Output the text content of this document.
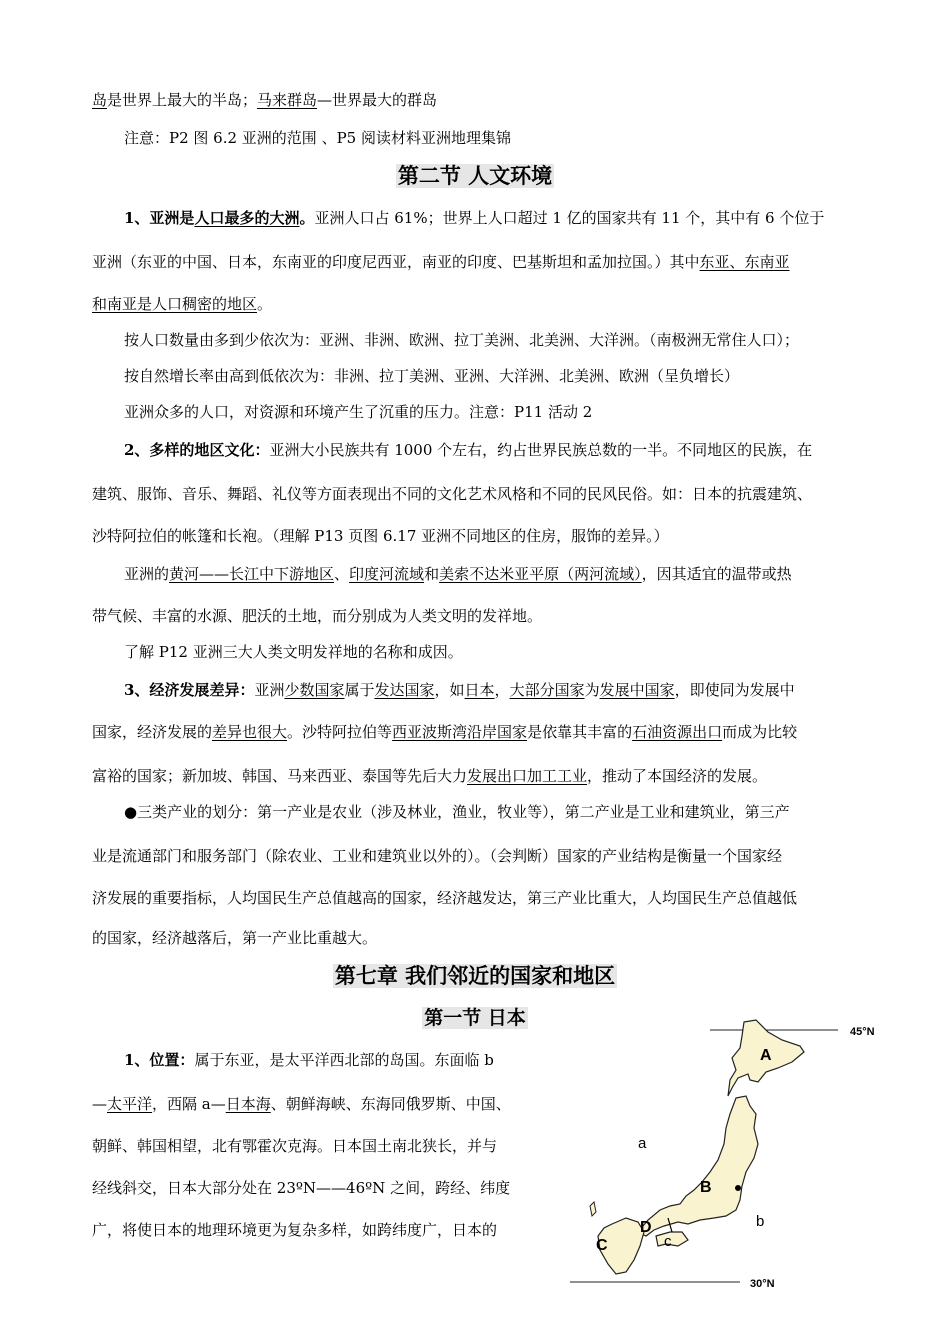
岛是世界上最大的半岛；马来群岛—世界最大的群岛
注意：P2 图 6.2 亚洲的范围 、P5 阅读材料亚洲地理集锦
第二节 人文环境
1、亚洲是人口最多的大洲。亚洲人口占 61%；世界上人口超过 1 亿的国家共有 11 个，其中有 6 个位于
亚洲（东亚的中国、日本，东南亚的印度尼西亚，南亚的印度、巴基斯坦和孟加拉国。）其中东亚、东南亚
和南亚是人口稠密的地区。
按人口数量由多到少依次为：亚洲、非洲、欧洲、拉丁美洲、北美洲、大洋洲。（南极洲无常住人口）；
按自然增长率由高到低依次为：非洲、拉丁美洲、亚洲、大洋洲、北美洲、欧洲（呈负增长）
亚洲众多的人口，对资源和环境产生了沉重的压力。注意：P11 活动 2
2、多样的地区文化：亚洲大小民族共有 1000 个左右，约占世界民族总数的一半。不同地区的民族，在
建筑、服饰、音乐、舞蹈、礼仪等方面表现出不同的文化艺术风格和不同的民风民俗。如：日本的抗震建筑、
沙特阿拉伯的帐篷和长袍。（理解 P13 页图 6.17 亚洲不同地区的住房，服饰的差异。）
亚洲的黄河——长江中下游地区、印度河流域和美索不达米亚平原（两河流域），因其适宜的温带或热
带气候、丰富的水源、肥沃的土地，而分别成为人类文明的发祥地。
了解 P12 亚洲三大人类文明发祥地的名称和成因。
3、经济发展差异：亚洲少数国家属于发达国家，如日本，大部分国家为发展中国家，即使同为发展中
国家，经济发展的差异也很大。沙特阿拉伯等西亚波斯湾沿岸国家是依靠其丰富的石油资源出口而成为比较
富裕的国家；新加坡、韩国、马来西亚、泰国等先后大力发展出口加工工业，推动了本国经济的发展。
●三类产业的划分：第一产业是农业（涉及林业，渔业，牧业等），第二产业是工业和建筑业，第三产
业是流通部门和服务部门（除农业、工业和建筑业以外的）。（会判断）国家的产业结构是衡量一个国家经
济发展的重要指标，人均国民生产总值越高的国家，经济越发达，第三产业比重大，人均国民生产总值越低
的国家，经济越落后，第一产业比重越大。
第七章 我们邻近的国家和地区
第一节 日本
1、位置：属于东亚，是太平洋西北部的岛国。东面临 b
—太平洋，西隔 a—日本海、朝鲜海峡、东海同俄罗斯、中国、
朝鲜、韩国相望，北有鄂霍次克海。日本国土南北狭长，并与
经线斜交，日本大部分处在 23ºN——46ºN 之间，跨经、纬度
广，将使日本的地理环境更为复杂多样，如跨纬度广，日本的
45°N
30°N
A
B
C
D
a
b
c
